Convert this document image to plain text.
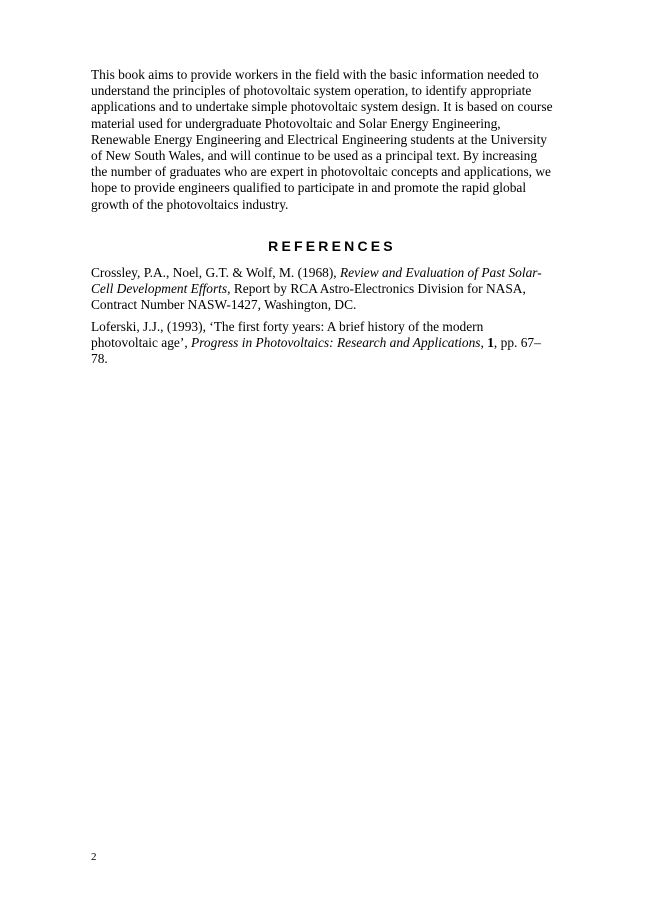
This book aims to provide workers in the field with the basic information needed to
understand the principles of photovoltaic system operation, to identify appropriate
applications and to undertake simple photovoltaic system design. It is based on course
material used for undergraduate Photovoltaic and Solar Energy Engineering,
Renewable Energy Engineering and Electrical Engineering students at the University
of New South Wales, and will continue to be used as a principal text. By increasing
the number of graduates who are expert in photovoltaic concepts and applications, we
hope to provide engineers qualified to participate in and promote the rapid global
growth of the photovoltaics industry.

REFERENCES

Crossley, P.A., Noel, G.T. & Wolf, M. (1968), Review and Evaluation of Past Solar-
Cell Development Efforts, Report by RCA Astro-Electronics Division for NASA,
Contract Number NASW-1427, Washington, DC.

Loferski, J.J., (1993), ‘The first forty years: A brief history of the modern
photovoltaic age’, Progress in Photovoltaics: Research and Applications, 1, pp. 67–
78.

2
